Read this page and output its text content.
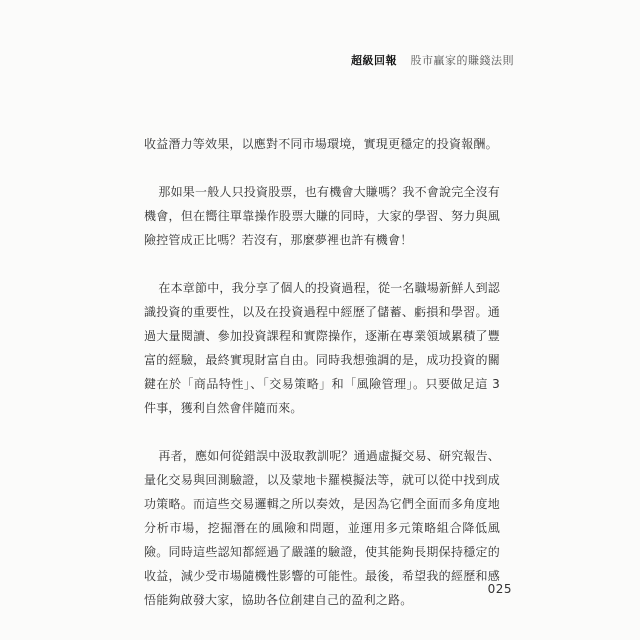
超級回報 股市贏家的賺錢法則

收益潛力等效果，以應對不同市場環境，實現更穩定的投資報酬。

那如果一般人只投資股票，也有機會大賺嗎？我不會說完全沒有機會，但在嚮往單靠操作股票大賺的同時，大家的學習、努力與風險控管成正比嗎？若沒有，那麼夢裡也許有機會！

在本章節中，我分享了個人的投資過程，從一名職場新鮮人到認識投資的重要性，以及在投資過程中經歷了儲蓄、虧損和學習。通過大量閱讀、參加投資課程和實際操作，逐漸在專業領域累積了豐富的經驗，最終實現財富自由。同時我想強調的是，成功投資的關鍵在於「商品特性」、「交易策略」和「風險管理」。只要做足這 3 件事，獲利自然會伴隨而來。

再者，應如何從錯誤中汲取教訓呢？通過虛擬交易、研究報告、量化交易與回測驗證，以及蒙地卡羅模擬法等，就可以從中找到成功策略。而這些交易邏輯之所以奏效，是因為它們全面而多角度地分析市場，挖掘潛在的風險和問題，並運用多元策略組合降低風險。同時這些認知都經過了嚴謹的驗證，使其能夠長期保持穩定的收益，減少受市場隨機性影響的可能性。最後，希望我的經歷和感悟能夠啟發大家，協助各位創建自己的盈利之路。

025
